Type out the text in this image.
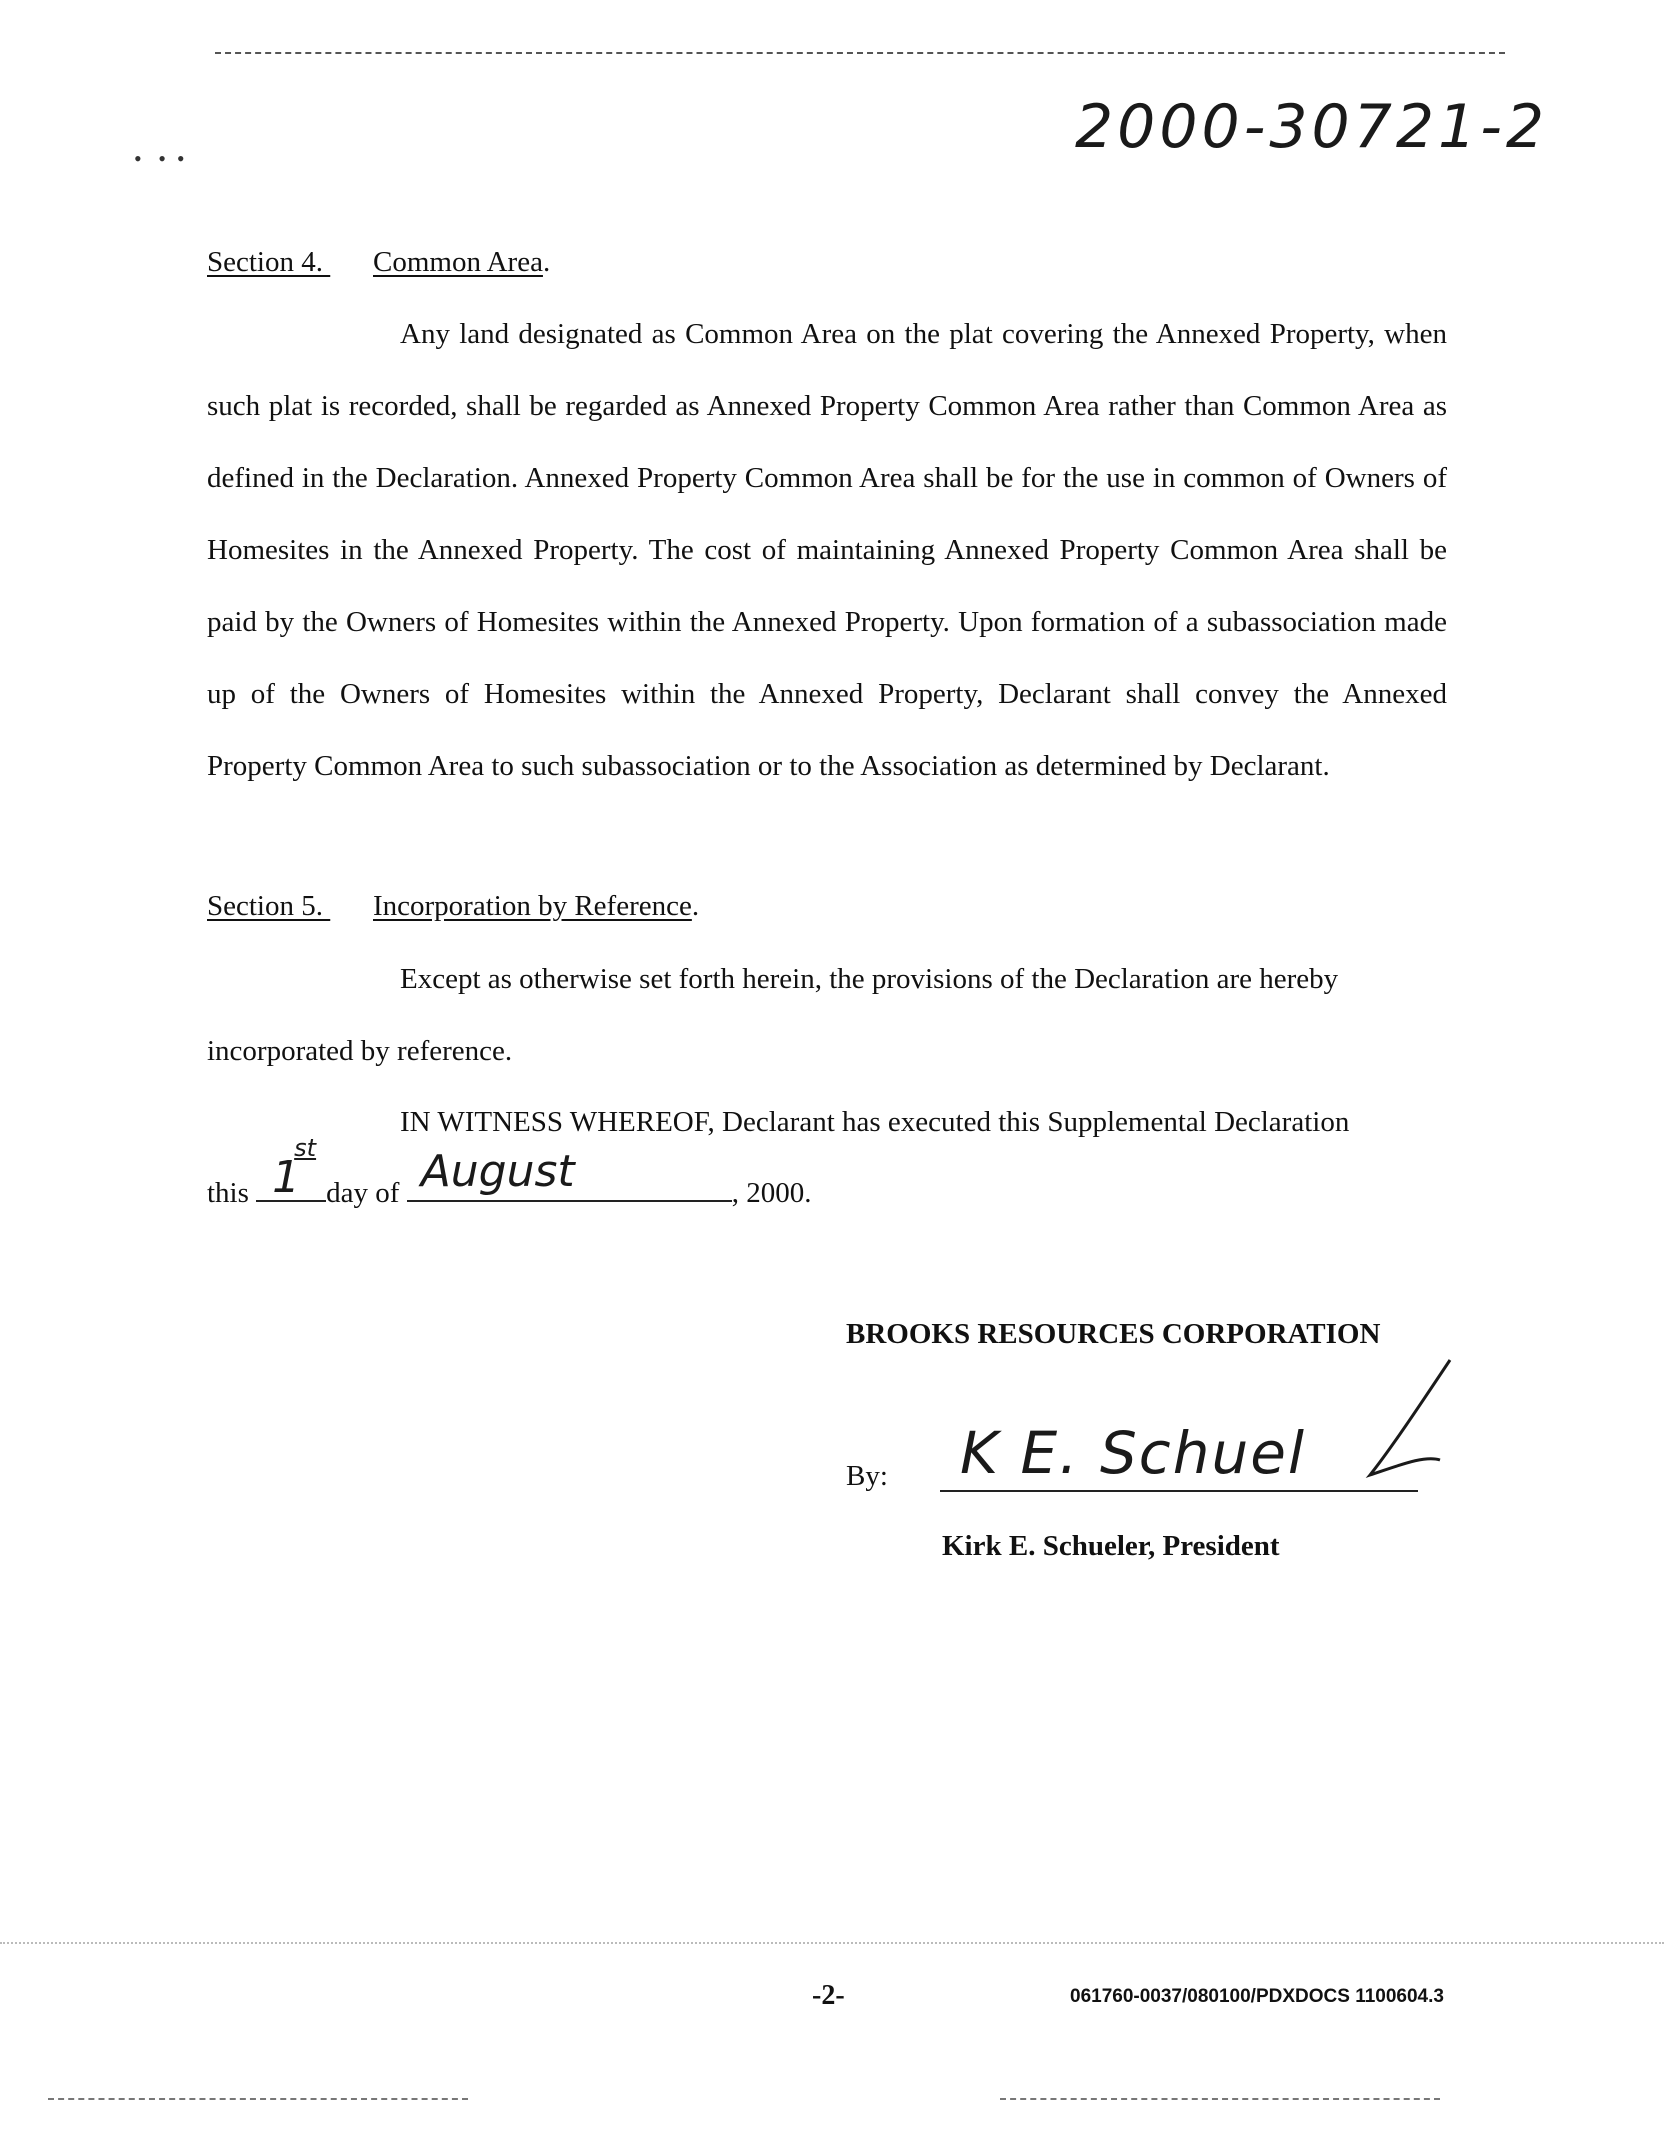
•   •  •	2000-30721-2
Section 4. Common Area.
Any land designated as Common Area on the plat covering the Annexed Property, when such plat is recorded, shall be regarded as Annexed Property Common Area rather than Common Area as defined in the Declaration. Annexed Property Common Area shall be for the use in common of Owners of Homesites in the Annexed Property. The cost of maintaining Annexed Property Common Area shall be paid by the Owners of Homesites within the Annexed Property. Upon formation of a subassociation made up of the Owners of Homesites within the Annexed Property, Declarant shall convey the Annexed Property Common Area to such subassociation or to the Association as determined by Declarant.
Section 5. Incorporation by Reference.
Except as otherwise set forth herein, the provisions of the Declaration are hereby incorporated by reference.
IN WITNESS WHEREOF, Declarant has executed this Supplemental Declaration
this 1
st
day of August	, 2000.
BROOKS RESOURCES CORPORATION
By: K E. Schuel
Kirk E. Schueler, President
-2-	061760-0037/080100/PDXDOCS 1100604.3
